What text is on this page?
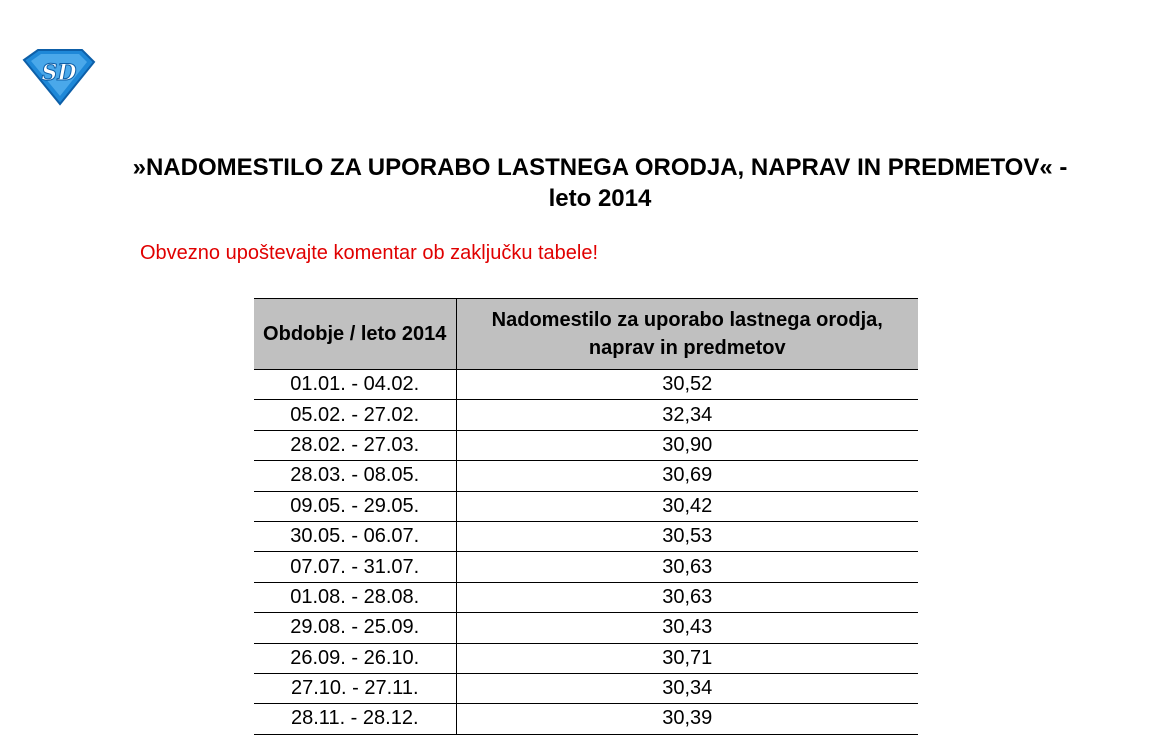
SD
»NADOMESTILO ZA UPORABO LASTNEGA ORODJA, NAPRAV IN PREDMETOV« - leto 2014
Obvezno upoštevajte komentar ob zaključku tabele!
Obdobje / leto 2014	Nadomestilo za uporabo lastnega orodja, naprav in predmetov
01.01. - 04.02.	30,52
05.02. - 27.02.	32,34
28.02. - 27.03.	30,90
28.03. - 08.05.	30,69
09.05. - 29.05.	30,42
30.05. - 06.07.	30,53
07.07. - 31.07.	30,63
01.08. - 28.08.	30,63
29.08. - 25.09.	30,43
26.09. - 26.10.	30,71
27.10. - 27.11.	30,34
28.11. - 28.12.	30,39
